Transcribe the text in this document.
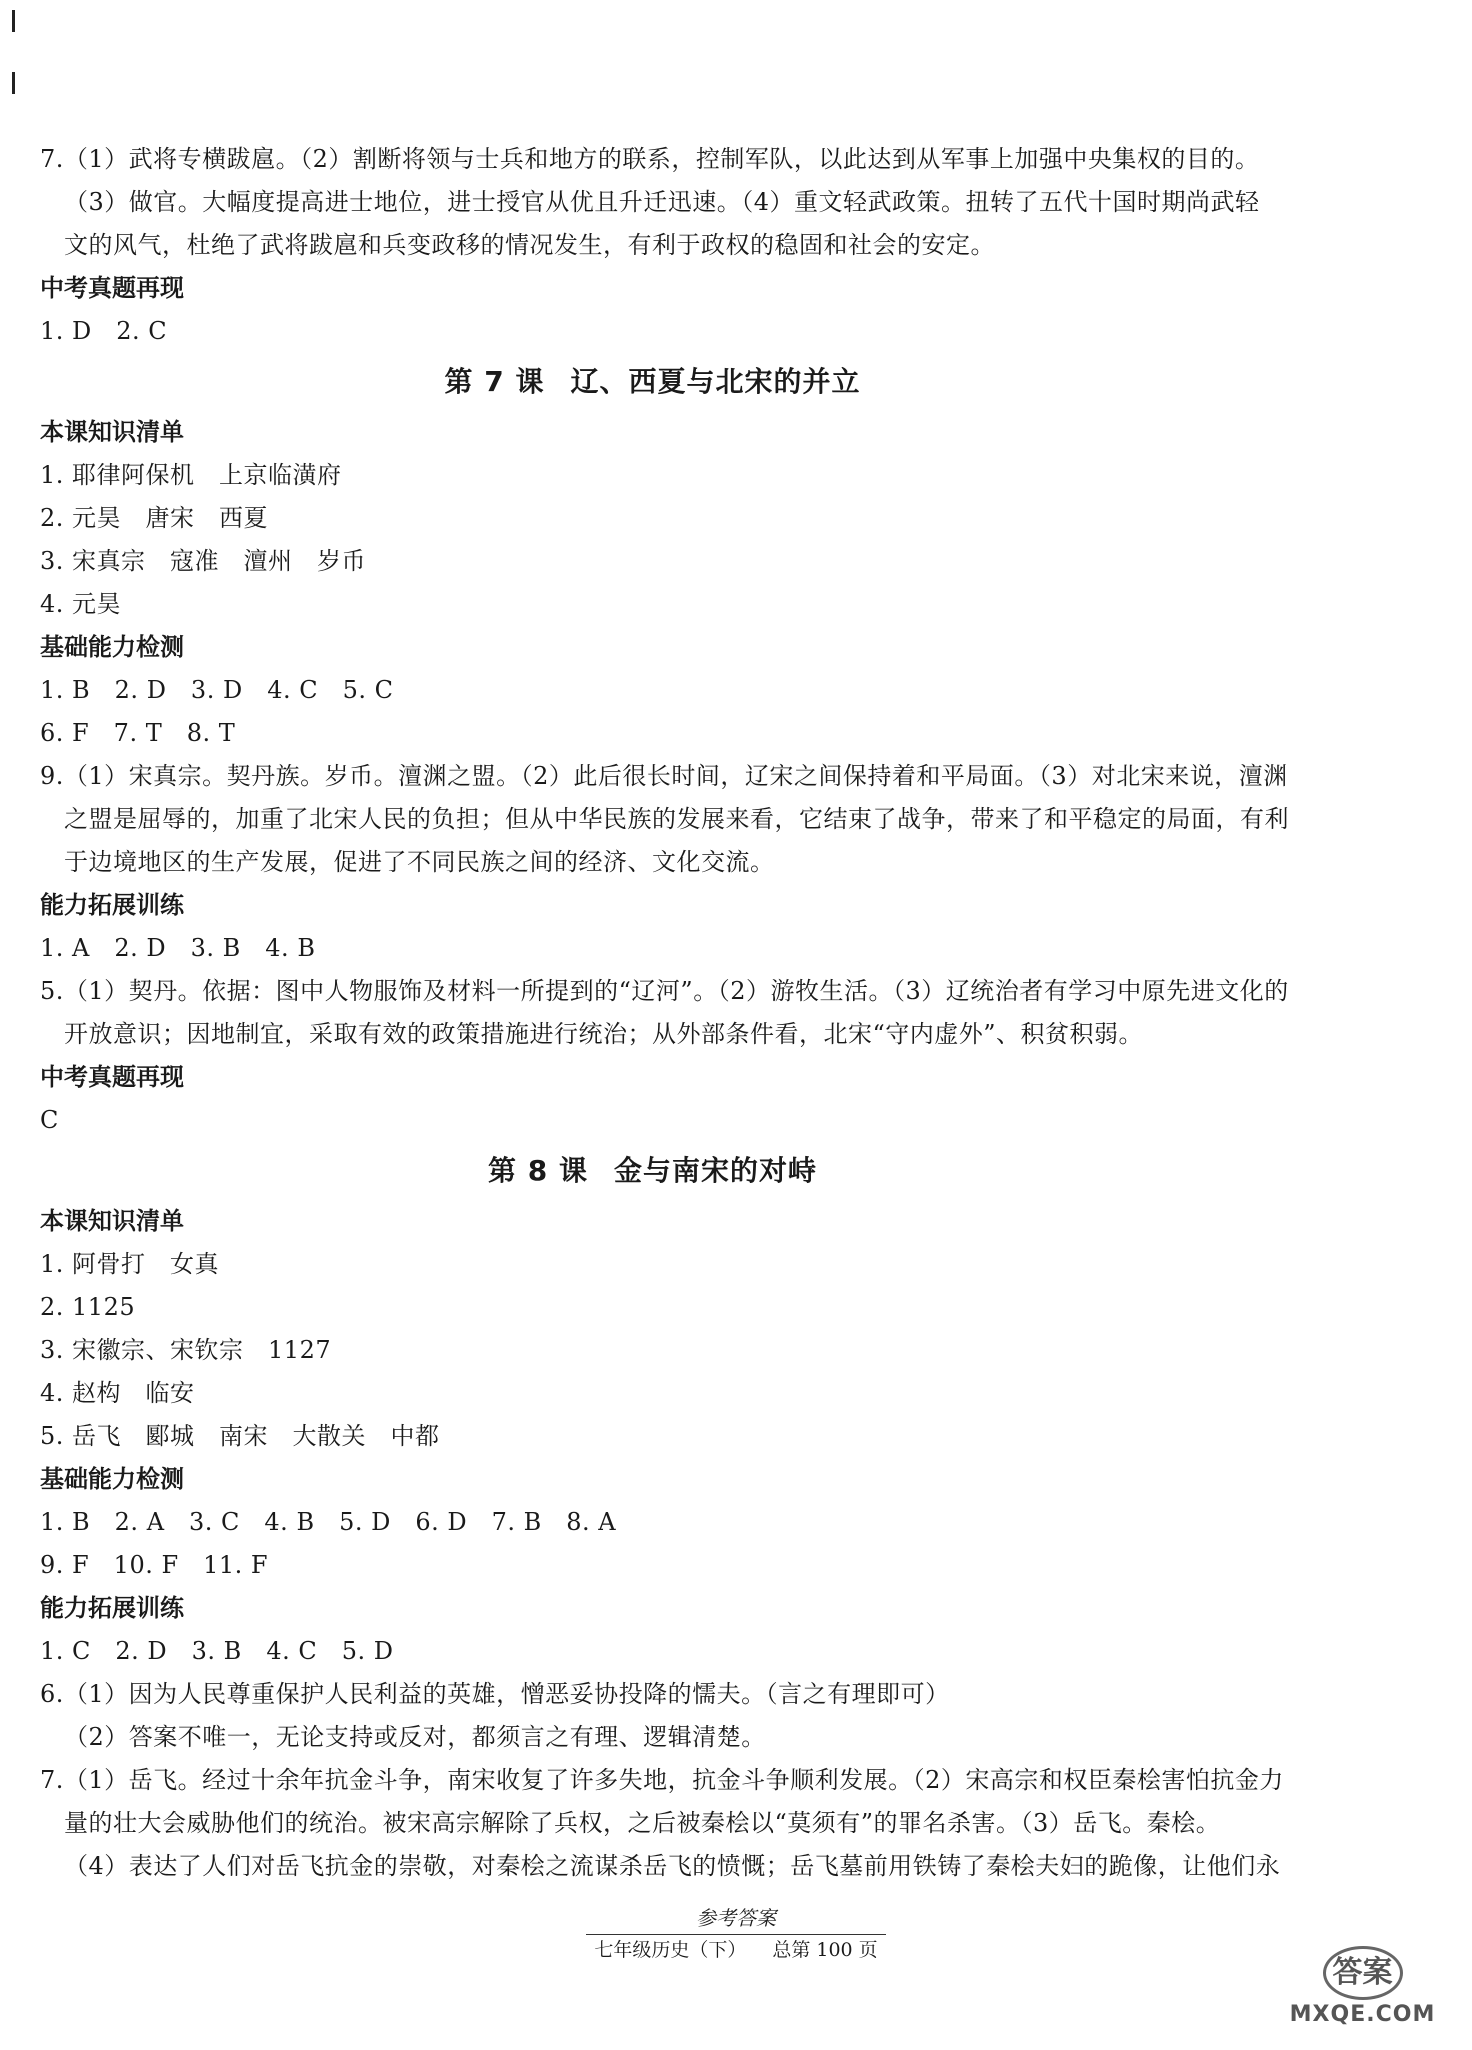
7.（1）武将专横跋扈。（2）割断将领与士兵和地方的联系，控制军队，以此达到从军事上加强中央集权的目的。
（3）做官。大幅度提高进士地位，进士授官从优且升迁迅速。（4）重文轻武政策。扭转了五代十国时期尚武轻
文的风气，杜绝了武将跋扈和兵变政移的情况发生，有利于政权的稳固和社会的安定。
中考真题再现
1. D　2. C
第 7 课 辽、西夏与北宋的并立
本课知识清单
1. 耶律阿保机　上京临潢府
2. 元昊　唐宋　西夏
3. 宋真宗　寇准　澶州　岁币
4. 元昊
基础能力检测
1. B　2. D　3. D　4. C　5. C
6. F　7. T　8. T
9.（1）宋真宗。契丹族。岁币。澶渊之盟。（2）此后很长时间，辽宋之间保持着和平局面。（3）对北宋来说，澶渊
之盟是屈辱的，加重了北宋人民的负担；但从中华民族的发展来看，它结束了战争，带来了和平稳定的局面，有利
于边境地区的生产发展，促进了不同民族之间的经济、文化交流。
能力拓展训练
1. A　2. D　3. B　4. B
5.（1）契丹。依据：图中人物服饰及材料一所提到的“辽河”。（2）游牧生活。（3）辽统治者有学习中原先进文化的
开放意识；因地制宜，采取有效的政策措施进行统治；从外部条件看，北宋“守内虚外”、积贫积弱。
中考真题再现
C
第 8 课 金与南宋的对峙
本课知识清单
1. 阿骨打　女真
2. 1125
3. 宋徽宗、宋钦宗　1127
4. 赵构　临安
5. 岳飞　郾城　南宋　大散关　中都
基础能力检测
1. B　2. A　3. C　4. B　5. D　6. D　7. B　8. A
9. F　10. F　11. F
能力拓展训练
1. C　2. D　3. B　4. C　5. D
6.（1）因为人民尊重保护人民利益的英雄，憎恶妥协投降的懦夫。（言之有理即可）
（2）答案不唯一，无论支持或反对，都须言之有理、逻辑清楚。
7.（1）岳飞。经过十余年抗金斗争，南宋收复了许多失地，抗金斗争顺利发展。（2）宋高宗和权臣秦桧害怕抗金力
量的壮大会威胁他们的统治。被宋高宗解除了兵权，之后被秦桧以“莫须有”的罪名杀害。（3）岳飞。秦桧。
（4）表达了人们对岳飞抗金的崇敬，对秦桧之流谋杀岳飞的愤慨；岳飞墓前用铁铸了秦桧夫妇的跪像，让他们永
参考答案
七年级历史（下） 总第 100 页
答案
MXQE.COM
